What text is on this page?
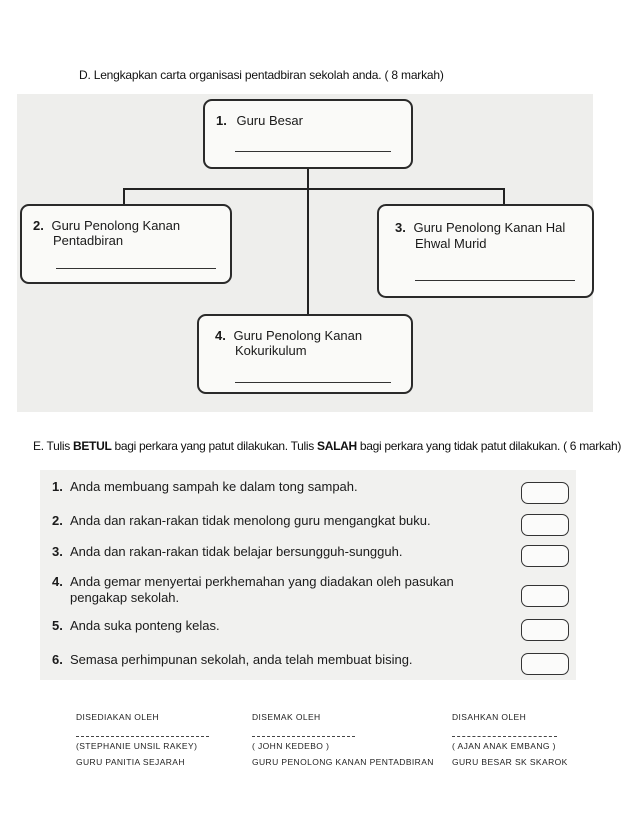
D. Lengkapkan carta organisasi pentadbiran sekolah anda. ( 8 markah)
1. Guru Besar
2. Guru Penolong Kanan
Pentadbiran
3. Guru Penolong Kanan Hal
Ehwal Murid
4. Guru Penolong Kanan
Kokurikulum
E. Tulis BETUL bagi perkara yang patut dilakukan. Tulis SALAH bagi perkara yang tidak patut dilakukan. ( 6 markah)
1. Anda membuang sampah ke dalam tong sampah.
2. Anda dan rakan-rakan tidak menolong guru mengangkat buku.
3. Anda dan rakan-rakan tidak belajar bersungguh-sungguh.
4. Anda gemar menyertai perkhemahan yang diadakan oleh pasukan
pengakap sekolah.
5. Anda suka ponteng kelas.
6. Semasa perhimpunan sekolah, anda telah membuat bising.
DISEDIAKAN OLEH
(STEPHANIE UNSIL RAKEY)
GURU PANITIA SEJARAH
DISEMAK OLEH
( JOHN KEDEBO )
GURU PENOLONG KANAN PENTADBIRAN
DISAHKAN OLEH
( AJAN ANAK EMBANG )
GURU BESAR SK SKAROK
